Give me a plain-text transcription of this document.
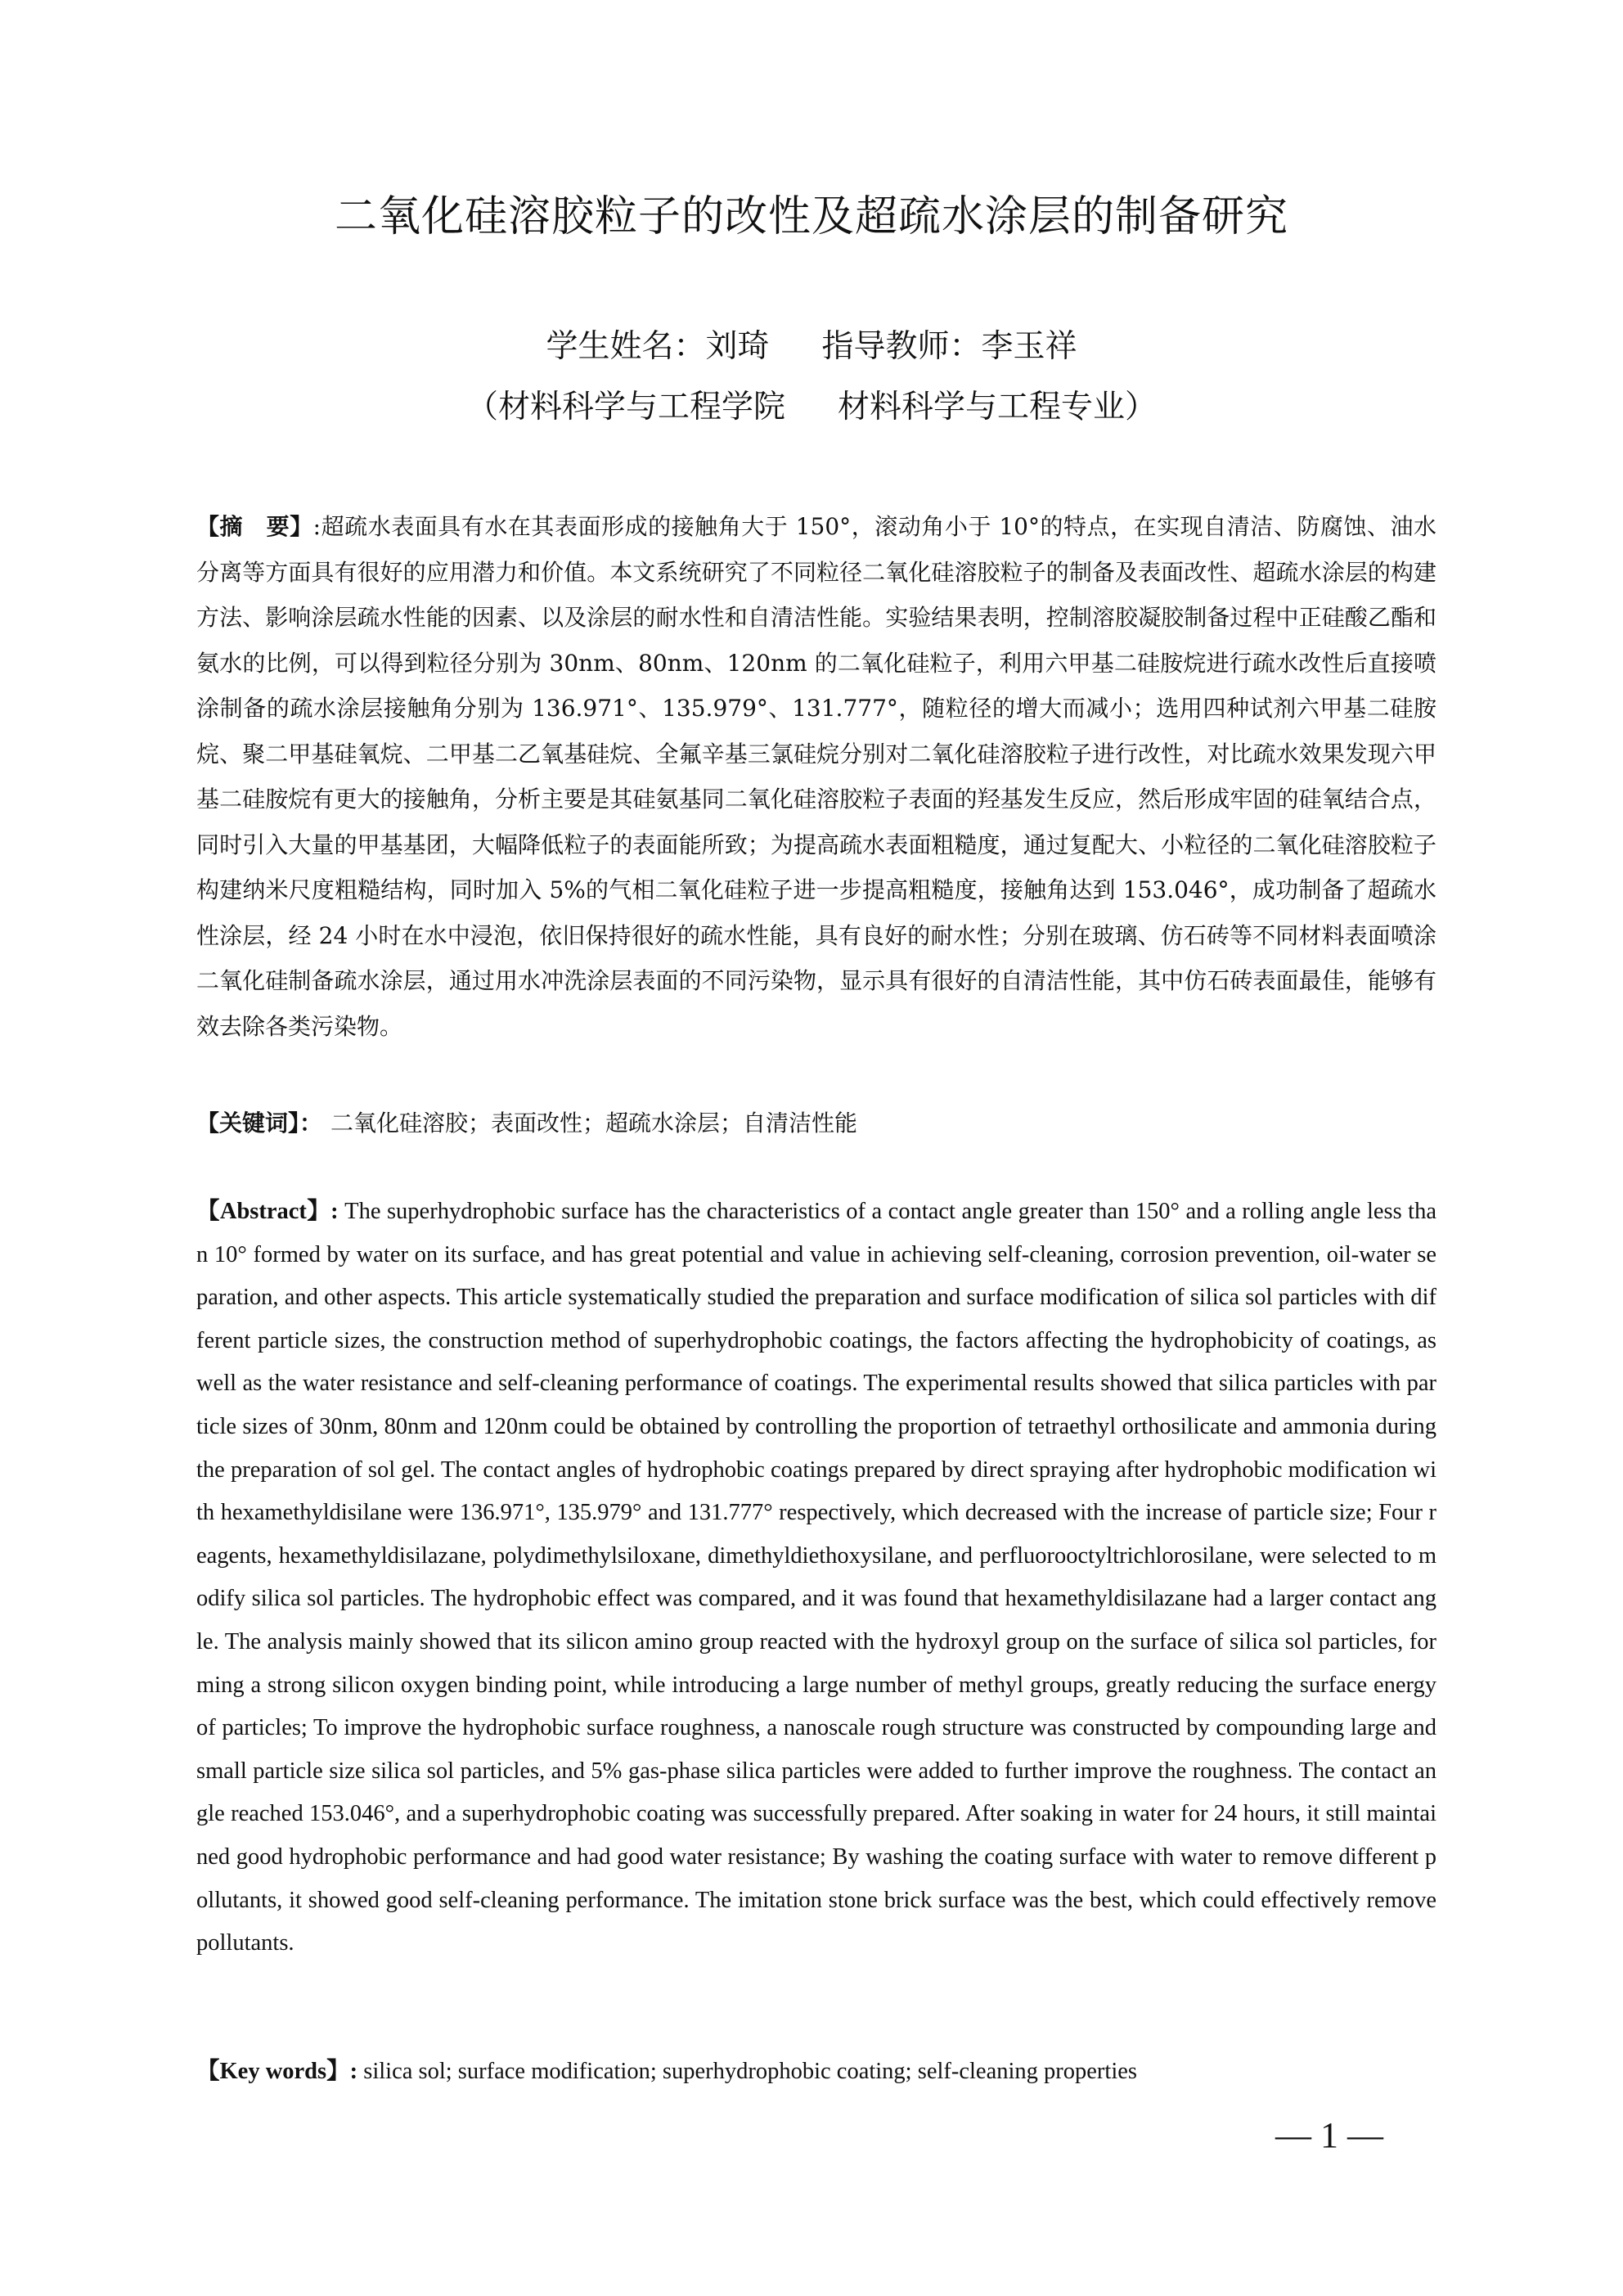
二氧化硅溶胶粒子的改性及超疏水涂层的制备研究
学生姓名：刘琦 指导教师：李玉祥
（材料科学与工程学院 材料科学与工程专业）
【摘　要】:超疏水表面具有水在其表面形成的接触角大于 150°，滚动角小于 10°的特点，在实现自清洁、防腐蚀、油水分离等方面具有很好的应用潜力和价值。本文系统研究了不同粒径二氧化硅溶胶粒子的制备及表面改性、超疏水涂层的构建方法、影响涂层疏水性能的因素、以及涂层的耐水性和自清洁性能。实验结果表明，控制溶胶凝胶制备过程中正硅酸乙酯和氨水的比例，可以得到粒径分别为 30nm、80nm、120nm 的二氧化硅粒子，利用六甲基二硅胺烷进行疏水改性后直接喷涂制备的疏水涂层接触角分别为 136.971°、135.979°、131.777°，随粒径的增大而减小；选用四种试剂六甲基二硅胺烷、聚二甲基硅氧烷、二甲基二乙氧基硅烷、全氟辛基三氯硅烷分别对二氧化硅溶胶粒子进行改性，对比疏水效果发现六甲基二硅胺烷有更大的接触角，分析主要是其硅氨基同二氧化硅溶胶粒子表面的羟基发生反应，然后形成牢固的硅氧结合点，同时引入大量的甲基基团，大幅降低粒子的表面能所致；为提高疏水表面粗糙度，通过复配大、小粒径的二氧化硅溶胶粒子构建纳米尺度粗糙结构，同时加入 5%的气相二氧化硅粒子进一步提高粗糙度，接触角达到 153.046°，成功制备了超疏水性涂层，经 24 小时在水中浸泡，依旧保持很好的疏水性能，具有良好的耐水性；分别在玻璃、仿石砖等不同材料表面喷涂二氧化硅制备疏水涂层，通过用水冲洗涂层表面的不同污染物，显示具有很好的自清洁性能，其中仿石砖表面最佳，能够有效去除各类污染物。
【关键词】： 二氧化硅溶胶；表面改性；超疏水涂层；自清洁性能
【Abstract】: The superhydrophobic surface has the characteristics of a contact angle greater than 150° and a rolling angle less than 10° formed by water on its surface, and has great potential and value in achieving self-cleaning, corrosion prevention, oil-water separation, and other aspects. This article systematically studied the preparation and surface modification of silica sol particles with different particle sizes, the construction method of superhydrophobic coatings, the factors affecting the hydrophobicity of coatings, as well as the water resistance and self-cleaning performance of coatings. The experimental results showed that silica particles with particle sizes of 30nm, 80nm and 120nm could be obtained by controlling the proportion of tetraethyl orthosilicate and ammonia during the preparation of sol gel. The contact angles of hydrophobic coatings prepared by direct spraying after hydrophobic modification with hexamethyldisilane were 136.971°, 135.979° and 131.777° respectively, which decreased with the increase of particle size; Four reagents, hexamethyldisilazane, polydimethylsiloxane, dimethyldiethoxysilane, and perfluorooctyltrichlorosilane, were selected to modify silica sol particles. The hydrophobic effect was compared, and it was found that hexamethyldisilazane had a larger contact angle. The analysis mainly showed that its silicon amino group reacted with the hydroxyl group on the surface of silica sol particles, forming a strong silicon oxygen binding point, while introducing a large number of methyl groups, greatly reducing the surface energy of particles; To improve the hydrophobic surface roughness, a nanoscale rough structure was constructed by compounding large and small particle size silica sol particles, and 5% gas-phase silica particles were added to further improve the roughness. The contact angle reached 153.046°, and a superhydrophobic coating was successfully prepared. After soaking in water for 24 hours, it still maintained good hydrophobic performance and had good water resistance; By washing the coating surface with water to remove different pollutants, it showed good self-cleaning performance. The imitation stone brick surface was the best, which could effectively remove pollutants.
【Key words】: silica sol; surface modification; superhydrophobic coating; self-cleaning properties
— 1 —
